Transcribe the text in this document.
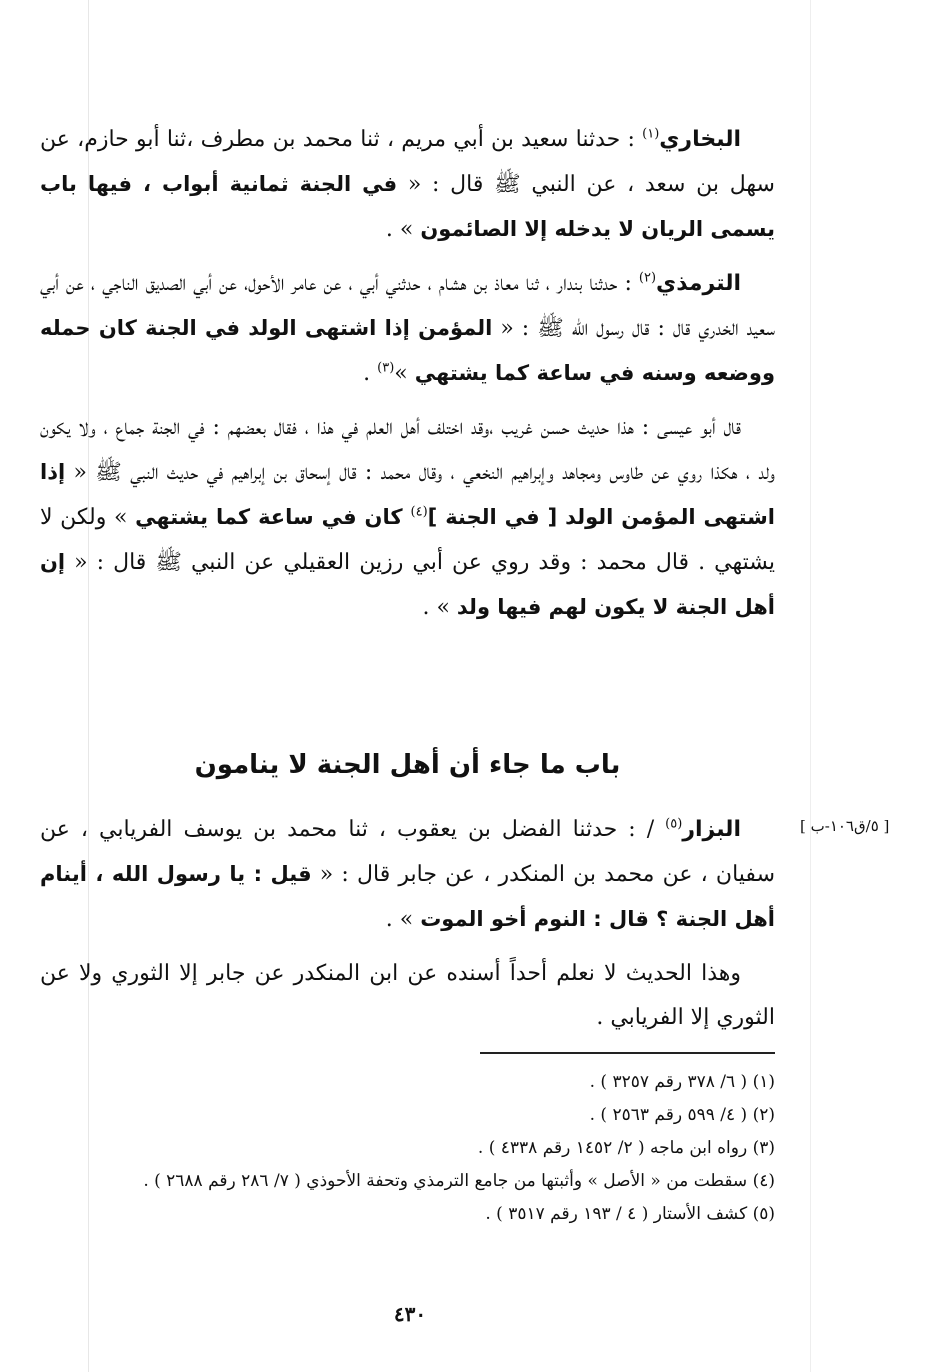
البخاري$^{(١)}$ : حدثنا سعيد بن أبي مريم ، ثنا محمد بن مطرف ،ثنا أبو حازم، عن سهل بن سعد ، عن النبي ﷺ قال : « في الجنة ثمانية أبواب ، فيها باب يسمى الريان لا يدخله إلا الصائمون » .

الترمذي$^{(٢)}$ : حدثنا بندار ، ثنا معاذ بن هشام ، حدثني أبي ، عن عامر الأحول، عن أبي الصديق الناجي ، عن أبي سعيد الخدري قال : قال رسول الله ﷺ : « المؤمن إذا اشتهى الولد في الجنة كان حمله ووضعه وسنه في ساعة كما يشتهي »$^{(٣)}$ .

قال أبو عيسى : هذا حديث حسن غريب ،وقد اختلف أهل العلم في هذا ، فقال بعضهم : في الجنة جماع ، ولا يكون ولد ، هكذا روي عن طاوس ومجاهد وإبراهيم النخعي ، وقال محمد : قال إسحاق بن إبراهيم في حديث النبي ﷺ « إذا اشتهى المؤمن الولد [ في الجنة ]$^{(٤)}$ كان في ساعة كما يشتهي » ولكن لا يشتهي . قال محمد : وقد روي عن أبي رزين العقيلي عن النبي ﷺ قال : « إن أهل الجنة لا يكون لهم فيها ولد » .

باب ما جاء أن أهل الجنة لا ينامون
[ ٥/ق١٠٦-ب ]

البزار$^{(٥)}$ / : حدثنا الفضل بن يعقوب ، ثنا محمد بن يوسف الفريابي ، عن سفيان ، عن محمد بن المنكدر ، عن جابر قال : « قيل : يا رسول الله ، أينام أهل الجنة ؟ قال : النوم أخو الموت » .

وهذا الحديث لا نعلم أحداً أسنده عن ابن المنكدر عن جابر إلا الثوري ولا عن الثوري إلا الفريابي .

(١) ( ٦/ ٣٧٨ رقم ٣٢٥٧ ) .

(٢) ( ٤/ ٥٩٩ رقم ٢٥٦٣ ) .

(٣) رواه ابن ماجه ( ٢/ ١٤٥٢ رقم ٤٣٣٨ ) .

(٤) سقطت من « الأصل » وأثبتها من جامع الترمذي وتحفة الأحوذي ( ٧/ ٢٨٦ رقم ٢٦٨٨ ) .

(٥) كشف الأستار ( ٤ / ١٩٣ رقم ٣٥١٧ ) .

٤٣٠
